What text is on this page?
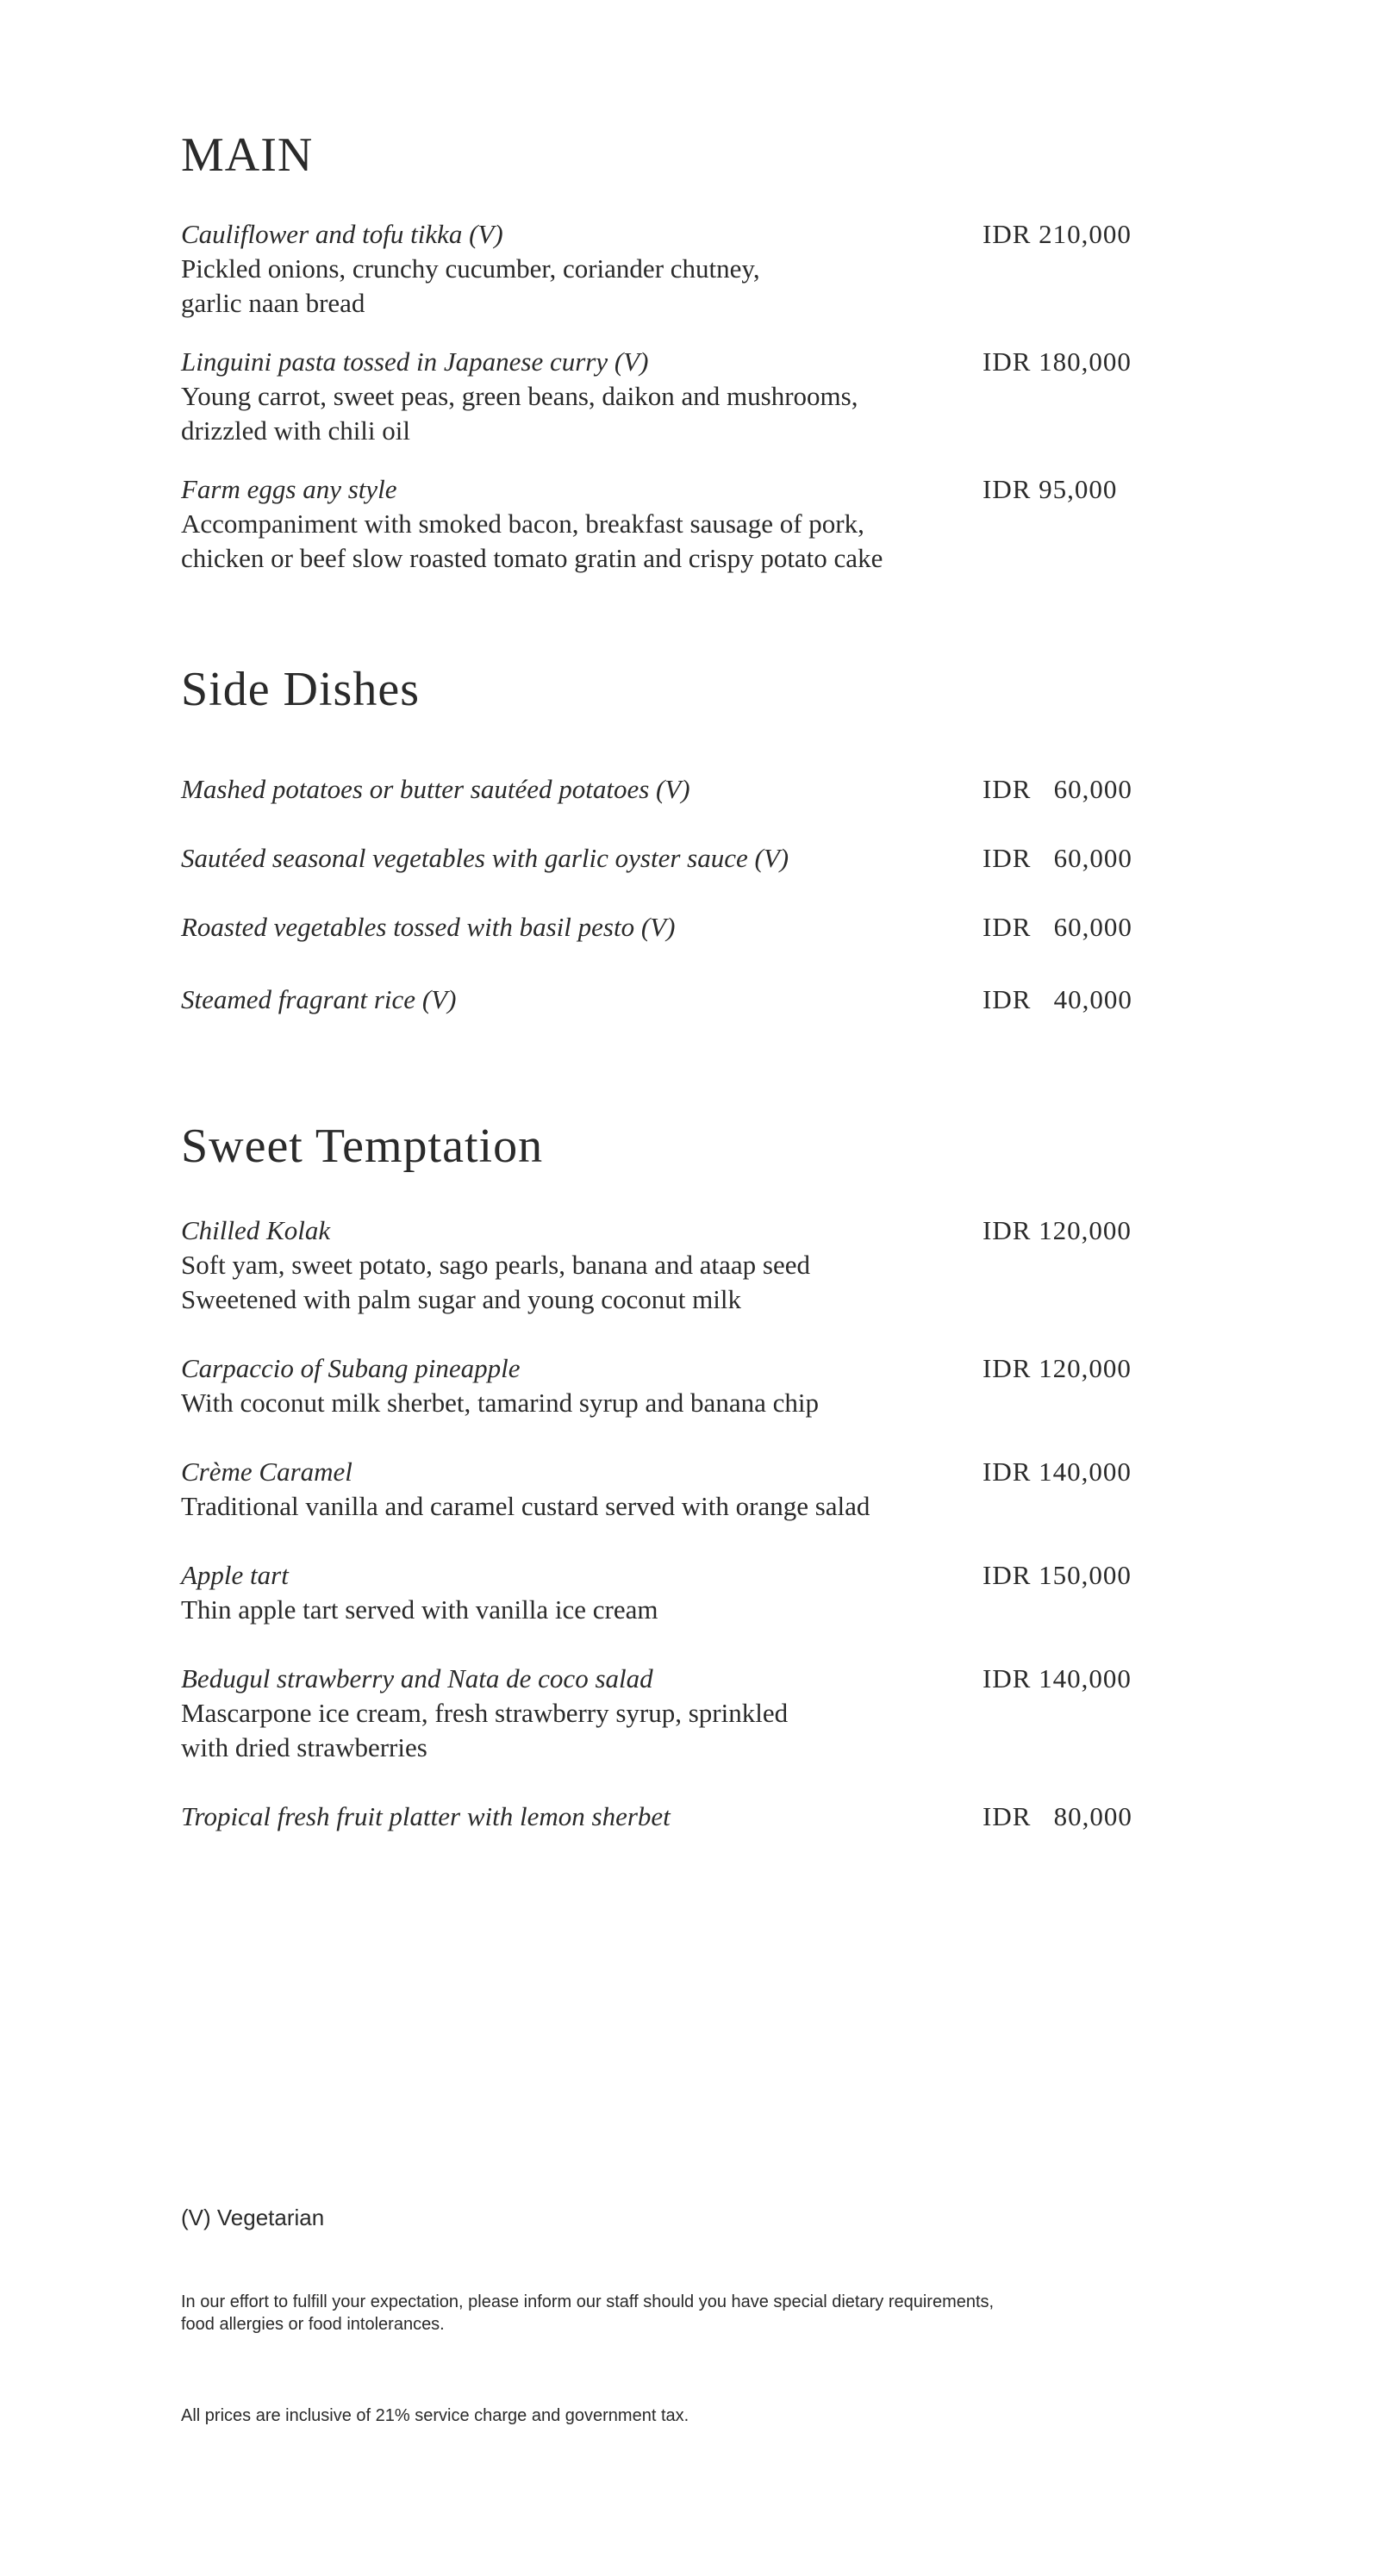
MAIN
Cauliflower and tofu tikka (V)
Pickled onions, crunchy cucumber, coriander chutney,
garlic naan bread
IDR 210,000
Linguini pasta tossed in Japanese curry (V)
Young carrot, sweet peas, green beans, daikon and mushrooms,
drizzled with chili oil
IDR 180,000
Farm eggs any style
Accompaniment with smoked bacon, breakfast sausage of pork,
chicken or beef slow roasted tomato gratin and crispy potato cake
IDR 95,000
Side Dishes
Mashed potatoes or butter sautéed potatoes (V)	IDR   60,000
Sautéed seasonal vegetables with garlic oyster sauce (V)	IDR   60,000
Roasted vegetables tossed with basil pesto (V)	IDR   60,000
Steamed fragrant rice (V)	IDR   40,000
Sweet Temptation
Chilled Kolak
Soft yam, sweet potato, sago pearls, banana and ataap seed
Sweetened with palm sugar and young coconut milk
IDR 120,000
Carpaccio of Subang pineapple
With coconut milk sherbet, tamarind syrup and banana chip
IDR 120,000
Crème Caramel
Traditional vanilla and caramel custard served with orange salad
IDR 140,000
Apple tart
Thin apple tart served with vanilla ice cream
IDR 150,000
Bedugul strawberry and Nata de coco salad
Mascarpone ice cream, fresh strawberry syrup, sprinkled
with dried strawberries
IDR 140,000
Tropical fresh fruit platter with lemon sherbet	IDR   80,000
(V) Vegetarian
In our effort to fulfill your expectation, please inform our staff should you have special dietary requirements, food allergies or food intolerances.
All prices are inclusive of 21% service charge and government tax.
